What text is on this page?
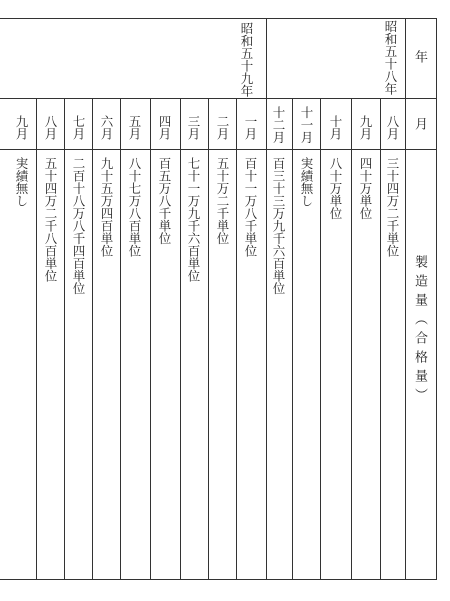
年
月
製造量（合格量）
昭和五十八年
昭和五十九年
八月
九月
十月
十一月
十二月
一月
二月
三月
四月
五月
六月
七月
八月
九月
三十四万二千単位
四十万単位
八十万単位
実績無し
百三十三万九千六百単位
百十一万八千単位
五十万二千単位
七十一万九千六百単位
百五万八千単位
八十七万八百単位
九十五万四百単位
二百十八万八千四百単位
五十四万二千八百単位
実績無し
